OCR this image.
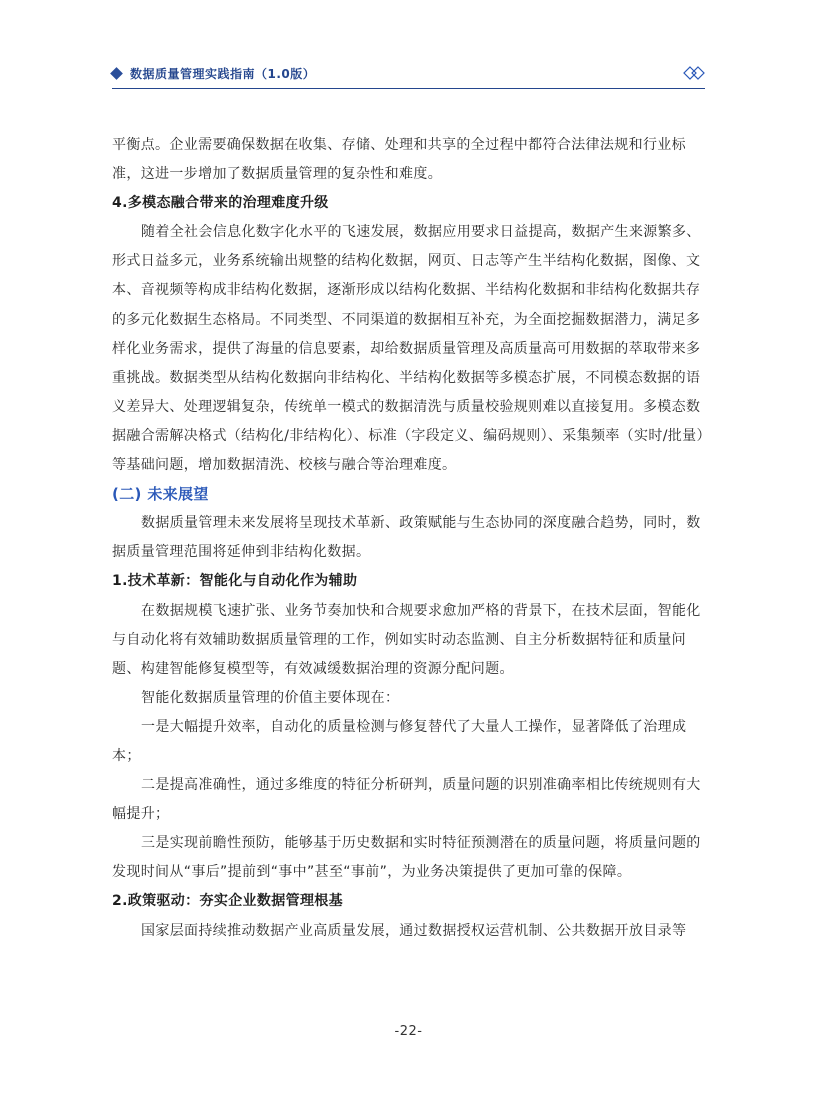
数据质量管理实践指南（1.0版）

平衡点。企业需要确保数据在收集、存储、处理和共享的全过程中都符合法律法规和行业标准，这进一步增加了数据质量管理的复杂性和难度。

4.多模态融合带来的治理难度升级

随着全社会信息化数字化水平的飞速发展，数据应用要求日益提高，数据产生来源繁多、形式日益多元，业务系统输出规整的结构化数据，网页、日志等产生半结构化数据，图像、文本、音视频等构成非结构化数据，逐渐形成以结构化数据、半结构化数据和非结构化数据共存的多元化数据生态格局。不同类型、不同渠道的数据相互补充，为全面挖掘数据潜力，满足多样化业务需求，提供了海量的信息要素，却给数据质量管理及高质量高可用数据的萃取带来多重挑战。数据类型从结构化数据向非结构化、半结构化数据等多模态扩展，不同模态数据的语义差异大、处理逻辑复杂，传统单一模式的数据清洗与质量校验规则难以直接复用。多模态数据融合需解决格式（结构化/非结构化）、标准（字段定义、编码规则）、采集频率（实时/批量）等基础问题，增加数据清洗、校核与融合等治理难度。

(二) 未来展望

数据质量管理未来发展将呈现技术革新、政策赋能与生态协同的深度融合趋势，同时，数据质量管理范围将延伸到非结构化数据。

1.技术革新：智能化与自动化作为辅助

在数据规模飞速扩张、业务节奏加快和合规要求愈加严格的背景下，在技术层面，智能化与自动化将有效辅助数据质量管理的工作，例如实时动态监测、自主分析数据特征和质量问题、构建智能修复模型等，有效减缓数据治理的资源分配问题。

智能化数据质量管理的价值主要体现在：

一是大幅提升效率，自动化的质量检测与修复替代了大量人工操作，显著降低了治理成本；

二是提高准确性，通过多维度的特征分析研判，质量问题的识别准确率相比传统规则有大幅提升；

三是实现前瞻性预防，能够基于历史数据和实时特征预测潜在的质量问题，将质量问题的发现时间从“事后”提前到“事中”甚至“事前”，为业务决策提供了更加可靠的保障。

2.政策驱动：夯实企业数据管理根基

国家层面持续推动数据产业高质量发展，通过数据授权运营机制、公共数据开放目录等

-22-
